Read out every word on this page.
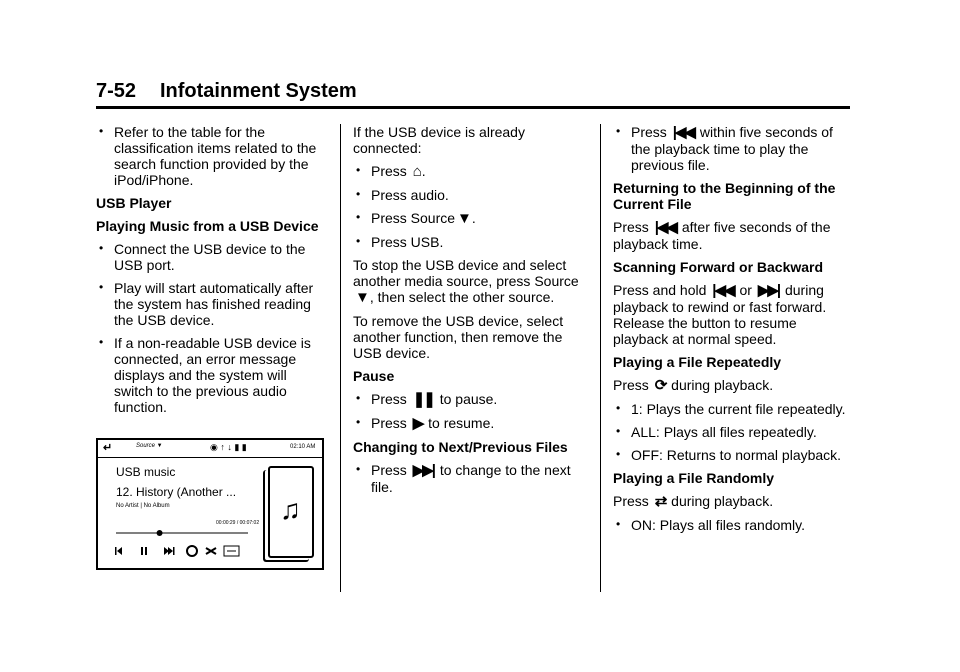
7-52 Infotainment System
• Refer to the table for the classification items related to the search function provided by the iPod/iPhone.
USB Player
Playing Music from a USB Device
• Connect the USB device to the USB port.
• Play will start automatically after the system has finished reading the USB device.
• If a non-readable USB device is connected, an error message displays and the system will switch to the previous audio function.
↵	Source ▼	◉ ↑ ↓ ▮ ▮	02:10 AM
USB music
12. History (Another ...
No Artist | No Album
00:00:29 / 00:07:02 ♫
If the USB device is already connected:
• Press ⌂ .
• Press audio.
• Press Source ▼ .
• Press USB.
To stop the USB device and select another media source, press Source▼ , then select the other source.
To remove the USB device, select another function, then remove the USB device.
Pause
• Press ❚❚ to pause.
• Press ▶ to resume.
Changing to Next/Previous Files
• Press ▶▶| to change to the next file.
• Press |◀◀ within five seconds of the playback time to play the previous file.
Returning to the Beginning of the Current File
Press |◀◀ after five seconds of the playback time.
Scanning Forward or Backward
Press and hold |◀◀ or ▶▶| during playback to rewind or fast forward. Release the button to resume playback at normal speed.
Playing a File Repeatedly
Press ⟳ during playback.
• 1: Plays the current file repeatedly.
• ALL: Plays all files repeatedly.
• OFF: Returns to normal playback.
Playing a File Randomly
Press ⇄ during playback.
• ON: Plays all files randomly.
